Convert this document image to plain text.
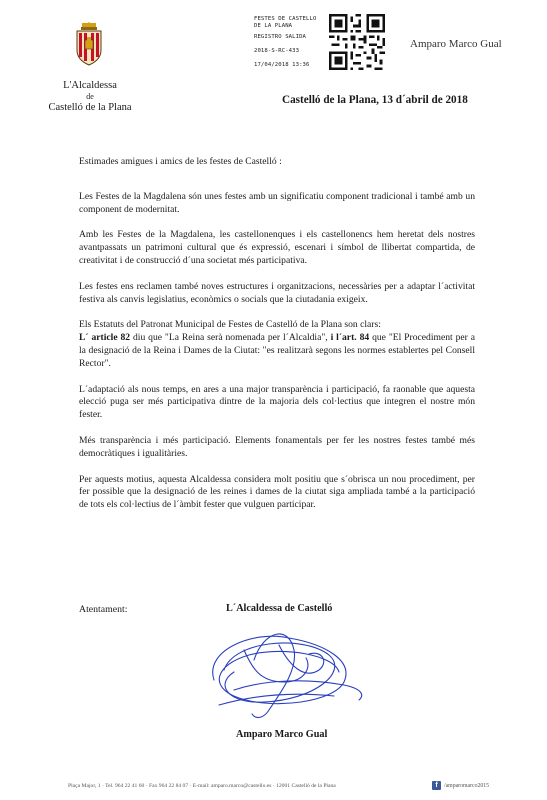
L'Alcaldessa
de
Castelló de la Plana
FESTES DE CASTELLO DE LA PLANA
REGISTRO SALIDA
2018-S-RC-433
17/04/2018 13:36
Amparo Marco Gual
Castelló de la Plana, 13 d´abril de 2018

Estimades amigues i amics de les festes de Castelló :

Les Festes de la Magdalena són unes festes amb un significatiu component tradicional i també amb un component de modernitat.

Amb les Festes de la Magdalena, les castellonenques i els castellonencs hem heretat dels nostres avantpassats un patrimoni cultural que és expressió, escenari i símbol de llibertat compartida, de creativitat i de construcció d´una societat més participativa.

Les festes ens reclamen també noves estructures i organitzacions, necessàries per a adaptar l´activitat festiva als canvis legislatius, econòmics o socials que la ciutadania exigeix.

Els Estatuts del Patronat Municipal de Festes de Castelló de la Plana son clars:
L´ article 82 diu que "La Reina serà nomenada per l´Alcaldia", i l´art. 84 que "El Procediment per a la designació de la Reina i Dames de la Ciutat: "es realitzarà segons les normes establertes pel Consell Rector".

L´adaptació als nous temps, en ares a una major transparència i participació, fa raonable que aquesta elecció puga ser més participativa dintre de la majoria dels col·lectius que integren el nostre món fester.

Més transparència i més participació. Elements fonamentals per fer les nostres festes també més democràtiques i igualitàries.

Per aquests motius, aquesta Alcaldessa considera molt positiu que s´obrisca un nou procediment, per fer possible que la designació de les reines i dames de la ciutat siga ampliada també a la participació de tots els col·lectius de l´àmbit fester que vulguen participar.

Atentament:	L´Alcaldessa de Castelló
Amparo Marco Gual
Plaça Major, 1 · Tel. 964 22 41 60 · Fax 964 22 84 07 · E-mail: amparo.marco@castello.es · 12001 Castelló de la Plana	f	/amparomarco2015
